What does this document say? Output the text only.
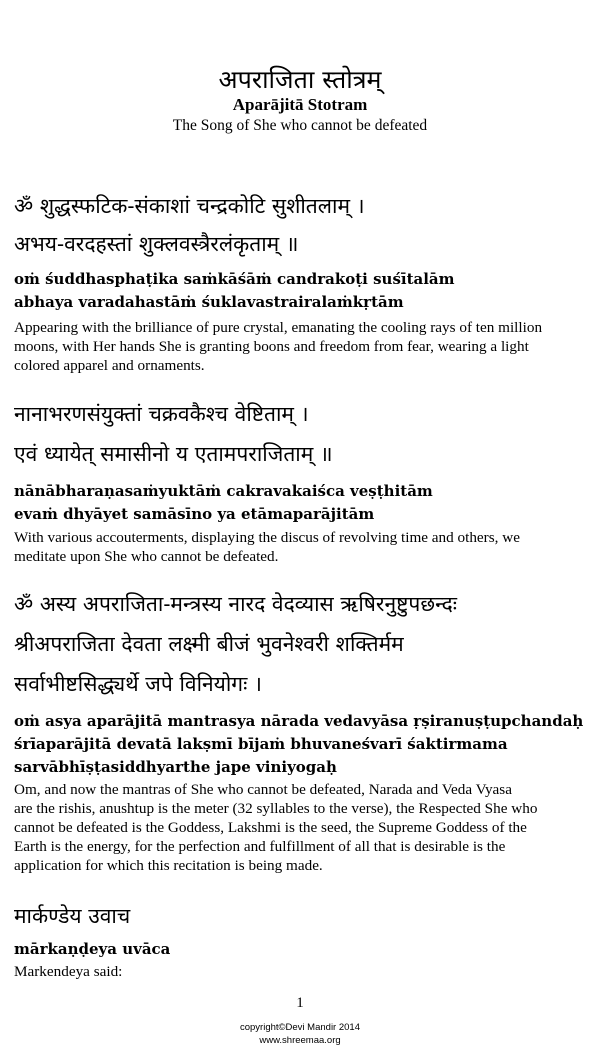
अपराजिता स्तोत्रम्
Aparājitā Stotram
The Song of She who cannot be defeated
ॐ शुद्धस्फटिक-संकाशां चन्द्रकोटि सुशीतलाम् ।
अभय-वरदहस्तां शुक्लवस्त्रैरलंकृताम् ॥
oṁ śuddhasphaṭika saṁkāśāṁ candrakoṭi suśītalām
abhaya varadahastāṁ śuklavastrairalaṁkṛtām
Appearing with the brilliance of pure crystal, emanating the cooling rays of ten million
moons, with Her hands She is granting boons and freedom from fear, wearing a light
colored apparel and ornaments.
नानाभरणसंयुक्तां चक्रवकैश्च वेष्टिताम् ।
एवं ध्यायेत् समासीनो य एतामपराजिताम् ॥
nānābharaṇasaṁyuktāṁ cakravakaiśca veṣṭhitām
evaṁ dhyāyet samāsīno ya etāmaparājitām
With various accouterments, displaying the discus of revolving time and others, we
meditate upon She who cannot be defeated.
ॐ अस्य अपराजिता-मन्त्रस्य नारद वेदव्यास ऋषिरनुष्टुपछन्दः
श्रीअपराजिता देवता लक्ष्मी बीजं भुवनेश्वरी शक्तिर्मम
सर्वाभीष्टसिद्ध्यर्थे जपे विनियोगः ।
oṁ asya aparājitā mantrasya nārada vedavyāsa ṛṣiranuṣṭupchandaḥ
śrīaparājitā devatā lakṣmī bījaṁ bhuvaneśvarī śaktirmama
sarvābhīṣṭasiddhyarthe jape viniyogaḥ
Om, and now the mantras of She who cannot be defeated, Narada and Veda Vyasa
are the rishis, anushtup is the meter (32 syllables to the verse), the Respected She who
cannot be defeated is the Goddess, Lakshmi is the seed, the Supreme Goddess of the
Earth is the energy, for the perfection and fulfillment of all that is desirable is the
application for which this recitation is being made.
मार्कण्डेय उवाच
mārkaṇḍeya uvāca
Markendeya said:
1
copyright©Devi Mandir 2014
www.shreemaa.org
